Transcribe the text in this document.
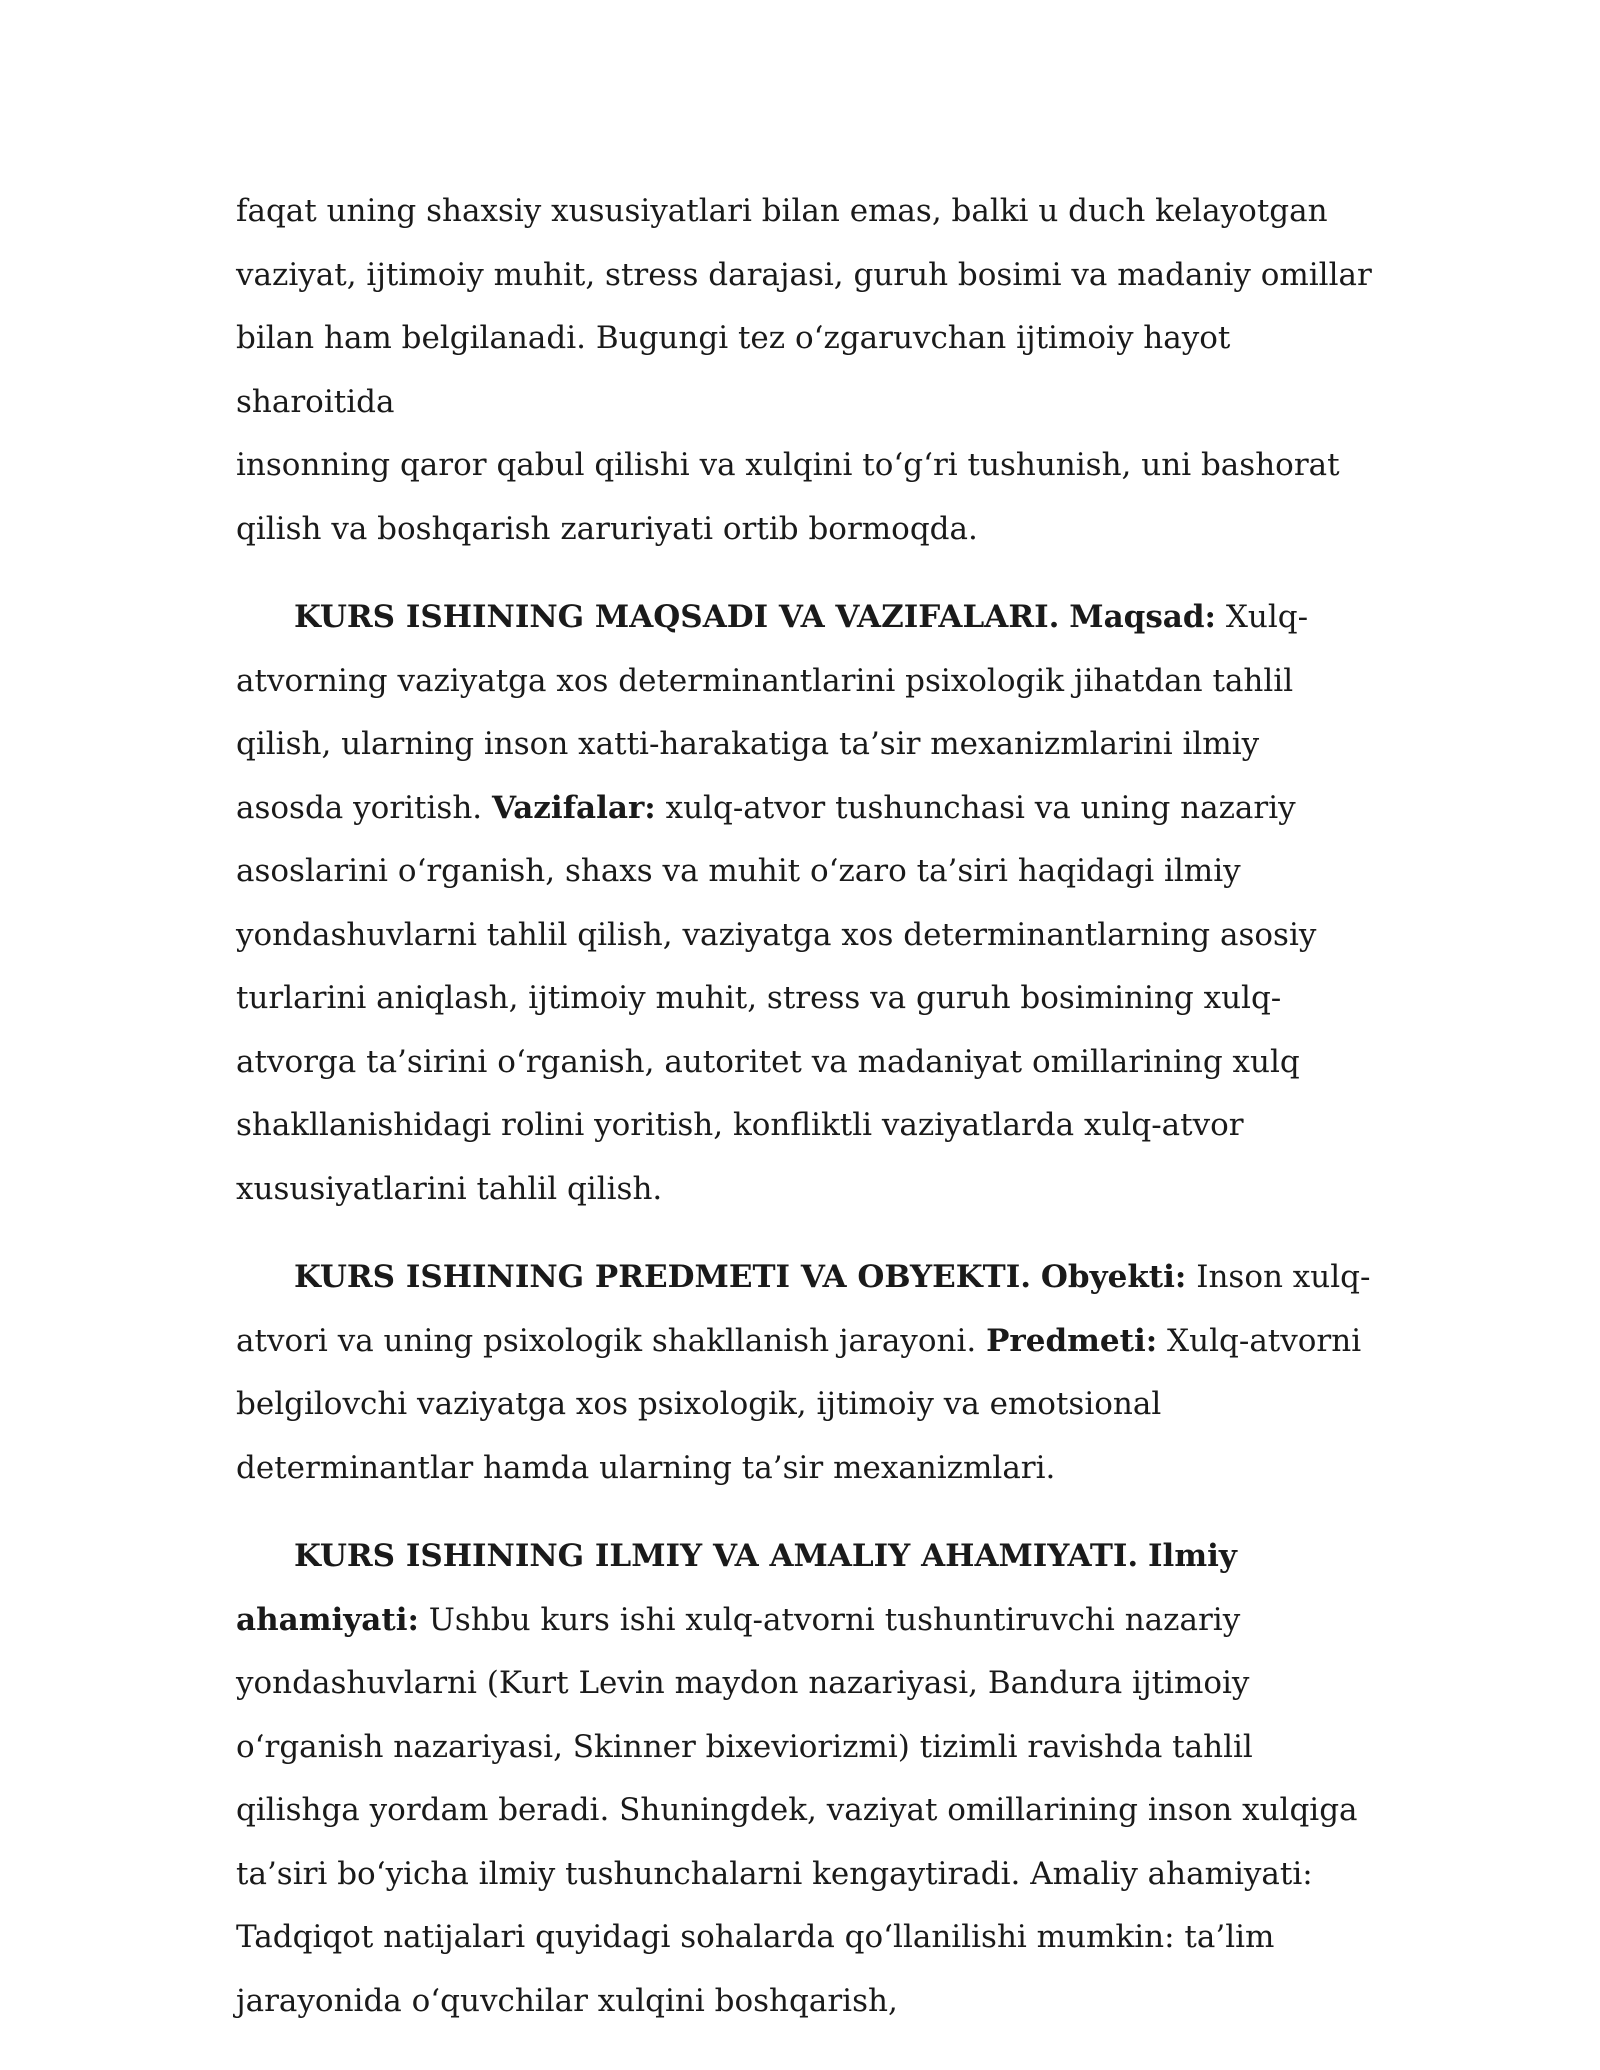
faqat uning shaxsiy xususiyatlari bilan emas, balki u duch kelayotgan
vaziyat, ijtimoiy muhit, stress darajasi, guruh bosimi va madaniy omillar
bilan ham belgilanadi. Bugungi tez oʻzgaruvchan ijtimoiy hayot sharoitida
insonning qaror qabul qilishi va xulqini toʻgʻri tushunish, uni bashorat
qilish va boshqarish zaruriyati ortib bormoqda.

KURS ISHINING MAQSADI VA VAZIFALARI. Maqsad: Xulq-atvorning vaziyatga xos determinantlarini psixologik jihatdan tahlil qilish, ularning inson xatti-harakatiga ta’sir mexanizmlarini ilmiy asosda yoritish. Vazifalar: xulq-atvor tushunchasi va uning nazariy asoslarini oʻrganish, shaxs va muhit oʻzaro ta’siri haqidagi ilmiy yondashuvlarni tahlil qilish, vaziyatga xos determinantlarning asosiy turlarini aniqlash, ijtimoiy muhit, stress va guruh bosimining xulq-atvorga ta’sirini oʻrganish, autoritet va madaniyat omillarining xulq shakllanishidagi rolini yoritish, konfliktli vaziyatlarda xulq-atvor xususiyatlarini tahlil qilish.

KURS ISHINING PREDMETI VA OBYEKTI. Obyekti: Inson xulq-atvori va uning psixologik shakllanish jarayoni. Predmeti: Xulq-atvorni belgilovchi vaziyatga xos psixologik, ijtimoiy va emotsional determinantlar hamda ularning ta’sir mexanizmlari.

KURS ISHINING ILMIY VA AMALIY AHAMIYATI. Ilmiy ahamiyati: Ushbu kurs ishi xulq-atvorni tushuntiruvchi nazariy yondashuvlarni (Kurt Levin maydon nazariyasi, Bandura ijtimoiy oʻrganish nazariyasi, Skinner bixeviorizmi) tizimli ravishda tahlil qilishga yordam beradi. Shuningdek, vaziyat omillarining inson xulqiga ta’siri boʻyicha ilmiy tushunchalarni kengaytiradi. Amaliy ahamiyati: Tadqiqot natijalari quyidagi sohalarda qoʻllanilishi mumkin: ta’lim jarayonida oʻquvchilar xulqini boshqarish,
